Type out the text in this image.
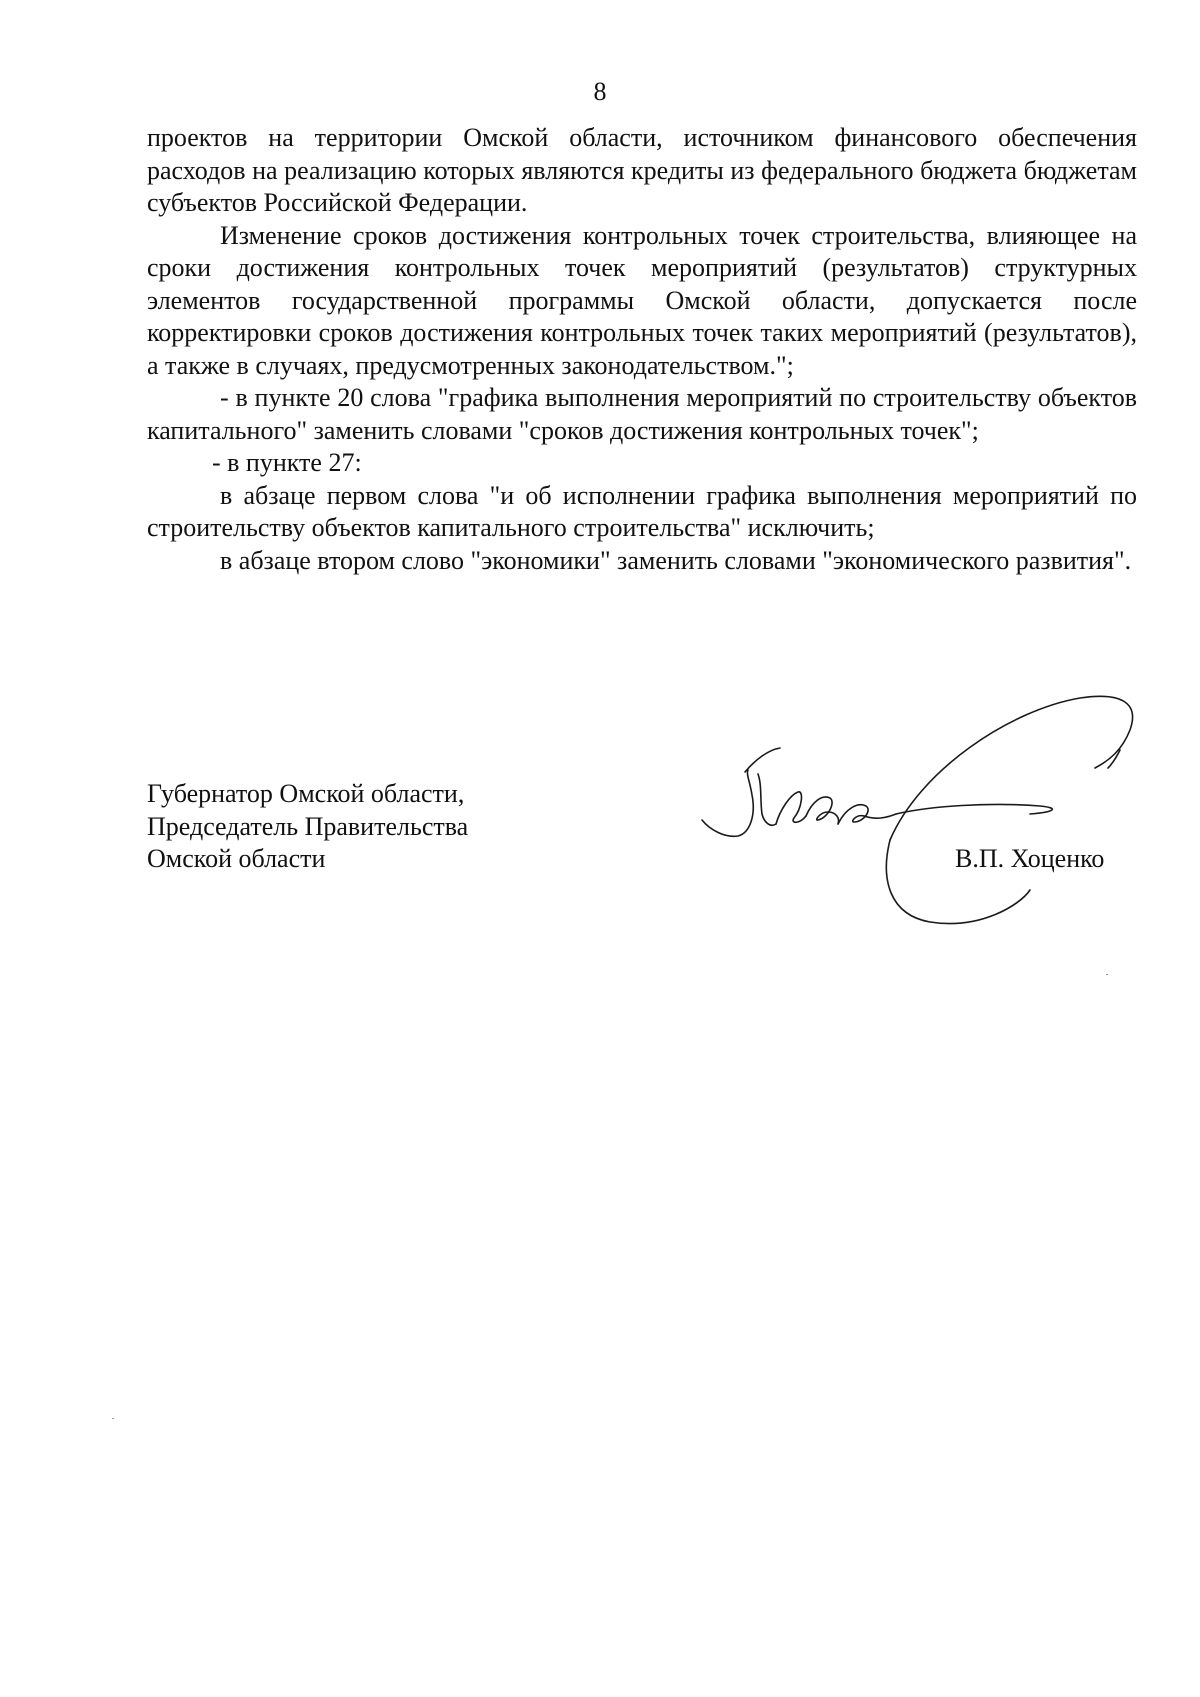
8

проектов на территории Омской области, источником финансового обеспечения расходов на реализацию которых являются кредиты из федерального бюджета бюджетам субъектов Российской Федерации.

Изменение сроков достижения контрольных точек строительства, влияющее на сроки достижения контрольных точек мероприятий (результатов) структурных элементов государственной программы Омской области, допускается после корректировки сроков достижения контрольных точек таких мероприятий (результатов), а также в случаях, предусмотренных законодательством.";

- в пункте 20 слова "графика выполнения мероприятий по строительству объектов капитального" заменить словами "сроков достижения контрольных точек";

- в пункте 27:

в абзаце первом слова "и об исполнении графика выполнения мероприятий по строительству объектов капитального строительства" исключить;

в абзаце втором слово "экономики" заменить словами "экономического развития".

Губернатор Омской области,
Председатель Правительства
Омской области	В.П. Хоценко
